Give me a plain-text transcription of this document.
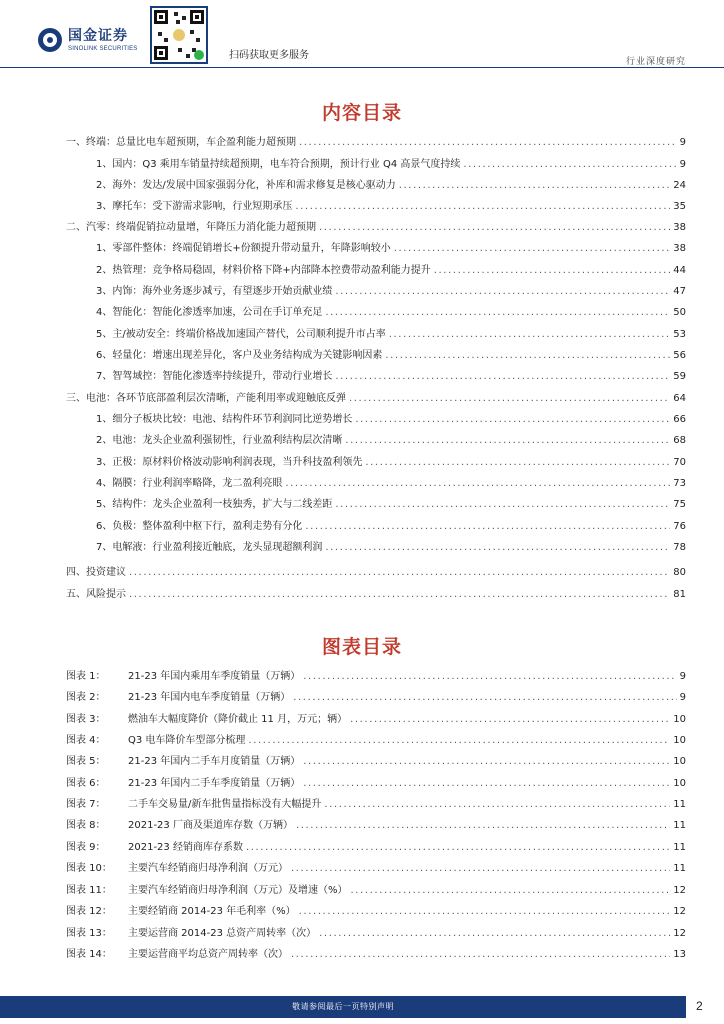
国金证券
SINOLINK SECURITIES
扫码获取更多服务
行业深度研究
内容目录
一、终端：总量比电车超预期，车企盈利能力超预期 .....	9
1、国内：Q3 乘用车销量持续超预期，电车符合预期，预计行业 Q4 高景气度持续 .....	9
2、海外：发达/发展中国家强弱分化，补库和需求修复是核心驱动力 .....	24
3、摩托车：受下游需求影响，行业短期承压 .....	35
二、汽零：终端促销拉动量增，年降压力消化能力超预期 .....	38
1、零部件整体：终端促销增长+份额提升带动量升，年降影响较小 .....	38
2、热管理：竞争格局稳固，材料价格下降+内部降本控费带动盈利能力提升 .....	44
3、内饰：海外业务逐步减亏，有望逐步开始贡献业绩 .....	47
4、智能化：智能化渗透率加速，公司在手订单充足 .....	50
5、主/被动安全：终端价格战加速国产替代，公司顺利提升市占率 .....	53
6、轻量化：增速出现差异化，客户及业务结构成为关键影响因素 .....	56
7、智驾域控：智能化渗透率持续提升，带动行业增长 .....	59
三、电池：各环节底部盈利层次清晰，产能利用率或迎触底反弹 .....	64
1、细分子板块比较：电池、结构件环节利润同比逆势增长 .....	66
2、电池：龙头企业盈利强韧性，行业盈利结构层次清晰 .....	68
3、正极：原材料价格波动影响利润表现，当升科技盈利领先 .....	70
4、隔膜：行业利润率略降，龙二盈利亮眼 .....	73
5、结构件：龙头企业盈利一枝独秀，扩大与二线差距 .....	75
6、负极：整体盈利中枢下行，盈利走势有分化 .....	76
7、电解液：行业盈利接近触底，龙头显现超额利润 .....	78
四、投资建议 .....	80
五、风险提示 .....	81
图表目录
图表 1：	21-23 年国内乘用车季度销量（万辆） .....	9
图表 2：	21-23 年国内电车季度销量（万辆） .....	9
图表 3：	燃油车大幅度降价（降价截止 11 月，万元；辆） .....	10
图表 4：	Q3 电车降价车型部分梳理 .....	10
图表 5：	21-23 年国内二手车月度销量（万辆） .....	10
图表 6：	21-23 年国内二手车季度销量（万辆） .....	10
图表 7：	二手车交易量/新车批售量指标没有大幅提升 .....	11
图表 8：	2021-23 厂商及渠道库存数（万辆） .....	11
图表 9：	2021-23 经销商库存系数 .....	11
图表 10：	主要汽车经销商归母净利润（万元） .....	11
图表 11：	主要汽车经销商归母净利润（万元）及增速（%） .....	12
图表 12：	主要经销商 2014-23 年毛利率（%） .....	12
图表 13：	主要运营商 2014-23 总资产周转率（次） .....	12
图表 14：	主要运营商平均总资产周转率（次） .....	13
敬请参阅最后一页特别声明	2
